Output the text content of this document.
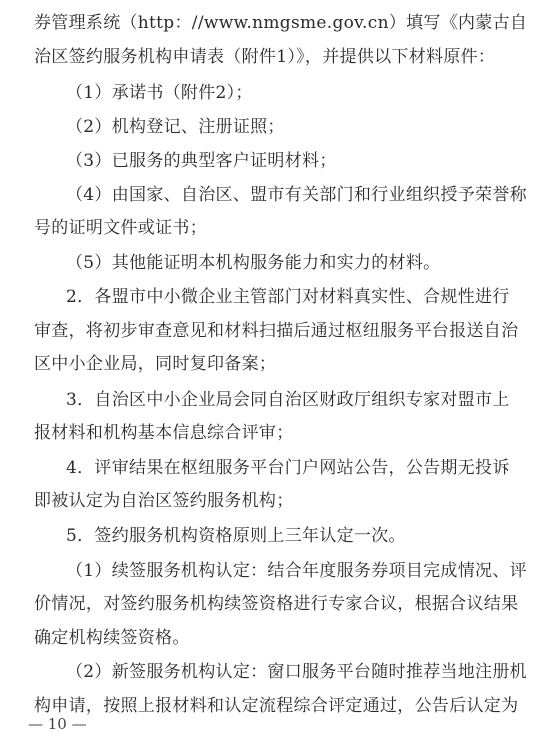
券管理系统（http：//www.nmgsme.gov.cn）填写《内蒙古自
治区签约服务机构申请表（附件1）》，并提供以下材料原件：
（1）承诺书（附件2）；
（2）机构登记、注册证照；
（3）已服务的典型客户证明材料；
（4）由国家、自治区、盟市有关部门和行业组织授予荣誉称
号的证明文件或证书；
（5）其他能证明本机构服务能力和实力的材料。
2．各盟市中小微企业主管部门对材料真实性、合规性进行
审查，将初步审查意见和材料扫描后通过枢纽服务平台报送自治
区中小企业局，同时复印备案；
3．自治区中小企业局会同自治区财政厅组织专家对盟市上
报材料和机构基本信息综合评审；
4．评审结果在枢纽服务平台门户网站公告，公告期无投诉
即被认定为自治区签约服务机构；
5．签约服务机构资格原则上三年认定一次。
（1）续签服务机构认定：结合年度服务券项目完成情况、评
价情况，对签约服务机构续签资格进行专家合议，根据合议结果
确定机构续签资格。
（2）新签服务机构认定：窗口服务平台随时推荐当地注册机
构申请，按照上报材料和认定流程综合评定通过，公告后认定为
— 10 —
